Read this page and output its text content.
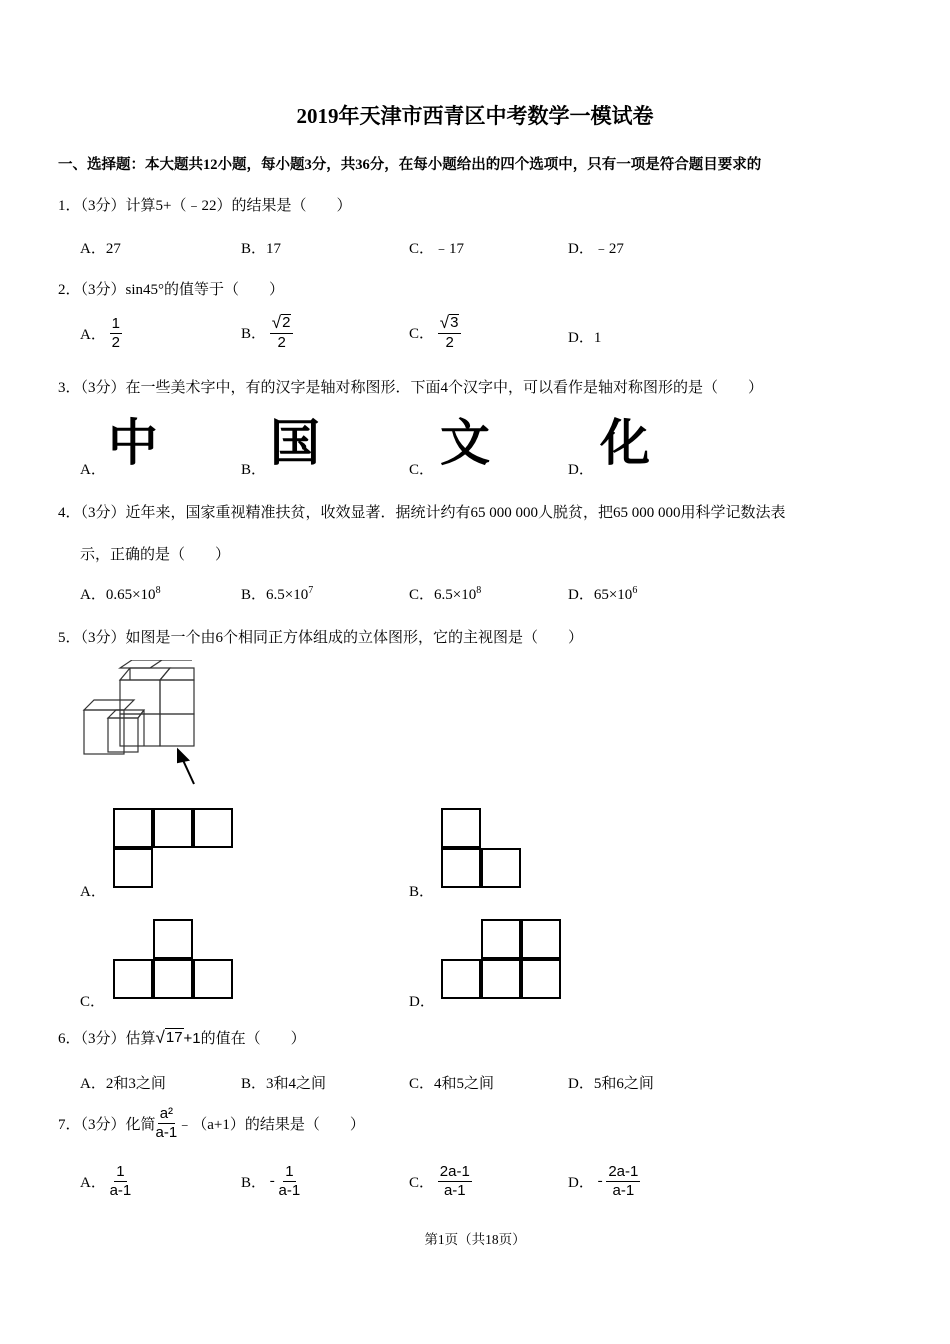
2019年天津市西青区中考数学一模试卷
一、选择题：本大题共12小题，每小题3分，共36分，在每小题给出的四个选项中，只有一项是符合题目要求的
1．（3分）计算5+（﹣22）的结果是（　　）
A．27	B．17	C．﹣17	D．﹣27
2．（3分）sin45°的值等于（　　）
A． $\frac{1}{2}$	B． $\frac{√ 2}{2}$	C． $\frac{√ 3}{2}$	D．1
3．（3分）在一些美术字中，有的汉字是轴对称图形．下面4个汉字中，可以看作是轴对称图形的是（　　）
A． 中	B． 国	C． 文	D． 化
4．（3分）近年来，国家重视精准扶贫，收效显著．据统计约有65 000 000人脱贫，把65 000 000用科学记数法表
示，正确的是（　　）
A．$0.65\times 10^8$	B．$6.5\times 10^7$	C．$6.5\times 10^8$	D．$65\times 10^6$
5．（3分）如图是一个由6个相同正方体组成的立体图形，它的主视图是（　　）
A．	B．
C．	D．
6．（3分）估算 √ 17 +1的值在（　　）
A．2和3之间	B．3和4之间	C．4和5之间	D．5和6之间
7．（3分）化简 $\frac{\text{a²}}{a-1}$ ﹣（a+1）的结果是（　　）
A． $\frac{1}{a-1}$	B． - $\frac{1}{a-1}$	C． $\frac{2a-1}{a-1}$	D． - $\frac{2a-1}{a-1}$
第1页（共18页）
